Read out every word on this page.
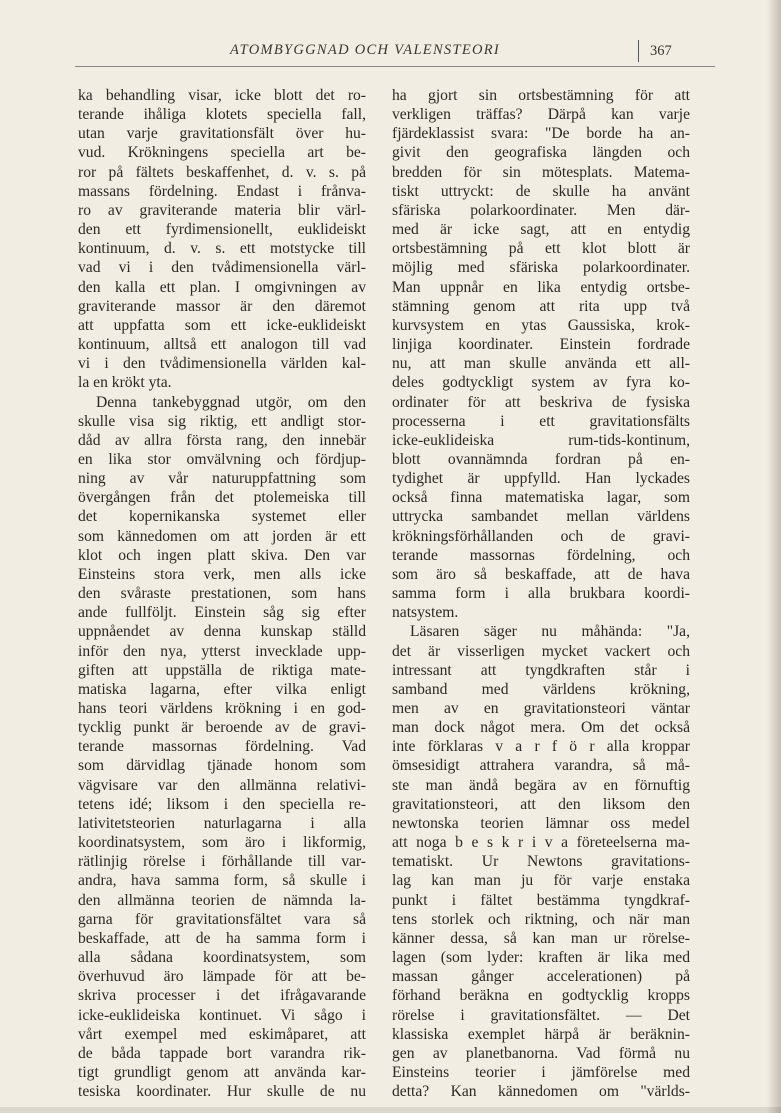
ATOMBYGGNAD OCH VALENSTEORI	367
ka behandling visar, icke blott det ro-
terande ihåliga klotets speciella fall,
utan varje gravitationsfält över hu-
vud. Krökningens speciella art be-
ror på fältets beskaffenhet, d. v. s. på
massans fördelning. Endast i frånva-
ro av graviterande materia blir värl-
den ett fyrdimensionellt, euklideiskt
kontinuum, d. v. s. ett motstycke till
vad vi i den tvådimensionella värl-
den kalla ett plan. I omgivningen av
graviterande massor är den däremot
att uppfatta som ett icke-euklideiskt
kontinuum, alltså ett analogon till vad
vi i den tvådimensionella världen kal-
la en krökt yta.
Denna tankebyggnad utgör, om den
skulle visa sig riktig, ett andligt stor-
dåd av allra första rang, den innebär
en lika stor omvälvning och fördjup-
ning av vår naturuppfattning som
övergången från det ptolemeiska till
det kopernikanska systemet eller
som kännedomen om att jorden är ett
klot och ingen platt skiva. Den var
Einsteins stora verk, men alls icke
den svåraste prestationen, som hans
ande fullföljt. Einstein såg sig efter
uppnåendet av denna kunskap ställd
inför den nya, ytterst invecklade upp-
giften att uppställa de riktiga mate-
matiska lagarna, efter vilka enligt
hans teori världens krökning i en god-
tycklig punkt är beroende av de gravi-
terande massornas fördelning. Vad
som därvidlag tjänade honom som
vägvisare var den allmänna relativi-
tetens idé; liksom i den speciella re-
lativitetsteorien naturlagarna i alla
koordinatsystem, som äro i likformig,
rätlinjig rörelse i förhållande till var-
andra, hava samma form, så skulle i
den allmänna teorien de nämnda la-
garna för gravitationsfältet vara så
beskaffade, att de ha samma form i
alla sådana koordinatsystem, som
överhuvud äro lämpade för att be-
skriva processer i det ifrågavarande
icke-euklideiska kontinuet. Vi sågo i
vårt exempel med eskimåparet, att
de båda tappade bort varandra rik-
tigt grundligt genom att använda kar-
tesiska koordinater. Hur skulle de nu
ha gjort sin ortsbestämning för att
verkligen träffas? Därpå kan varje
fjärdeklassist svara: "De borde ha an-
givit den geografiska längden och
bredden för sin mötesplats. Matema-
tiskt uttryckt: de skulle ha använt
sfäriska polarkoordinater. Men där-
med är icke sagt, att en entydig
ortsbestämning på ett klot blott är
möjlig med sfäriska polarkoordinater.
Man uppnår en lika entydig ortsbe-
stämning genom att rita upp två
kurvsystem en ytas Gaussiska, krok-
linjiga koordinater. Einstein fordrade
nu, att man skulle använda ett all-
deles godtyckligt system av fyra ko-
ordinater för att beskriva de fysiska
processerna i ett gravitationsfälts
icke-euklideiska rum-tids-kontinum,
blott ovannämnda fordran på en-
tydighet är uppfylld. Han lyckades
också finna matematiska lagar, som
uttrycka sambandet mellan världens
krökningsförhållanden och de gravi-
terande massornas fördelning, och
som äro så beskaffade, att de hava
samma form i alla brukbara koordi-
natsystem.
Läsaren säger nu måhända: "Ja,
det är visserligen mycket vackert och
intressant att tyngdkraften står i
samband med världens krökning,
men av en gravitationsteori väntar
man dock något mera. Om det också
inte förklaras v a r f ö r alla kroppar
ömsesidigt attrahera varandra, så må-
ste man ändå begära av en förnuftig
gravitationsteori, att den liksom den
newtonska teorien lämnar oss medel
att noga b e s k r i v a företeelserna ma-
tematiskt. Ur Newtons gravitations-
lag kan man ju för varje enstaka
punkt i fältet bestämma tyngdkraf-
tens storlek och riktning, och när man
känner dessa, så kan man ur rörelse-
lagen (som lyder: kraften är lika med
massan gånger accelerationen) på
förhand beräkna en godtycklig kropps
rörelse i gravitationsfältet. — Det
klassiska exemplet härpå är beräknin-
gen av planetbanorna. Vad förmå nu
Einsteins teorier i jämförelse med
detta? Kan kännedomen om "världs-
